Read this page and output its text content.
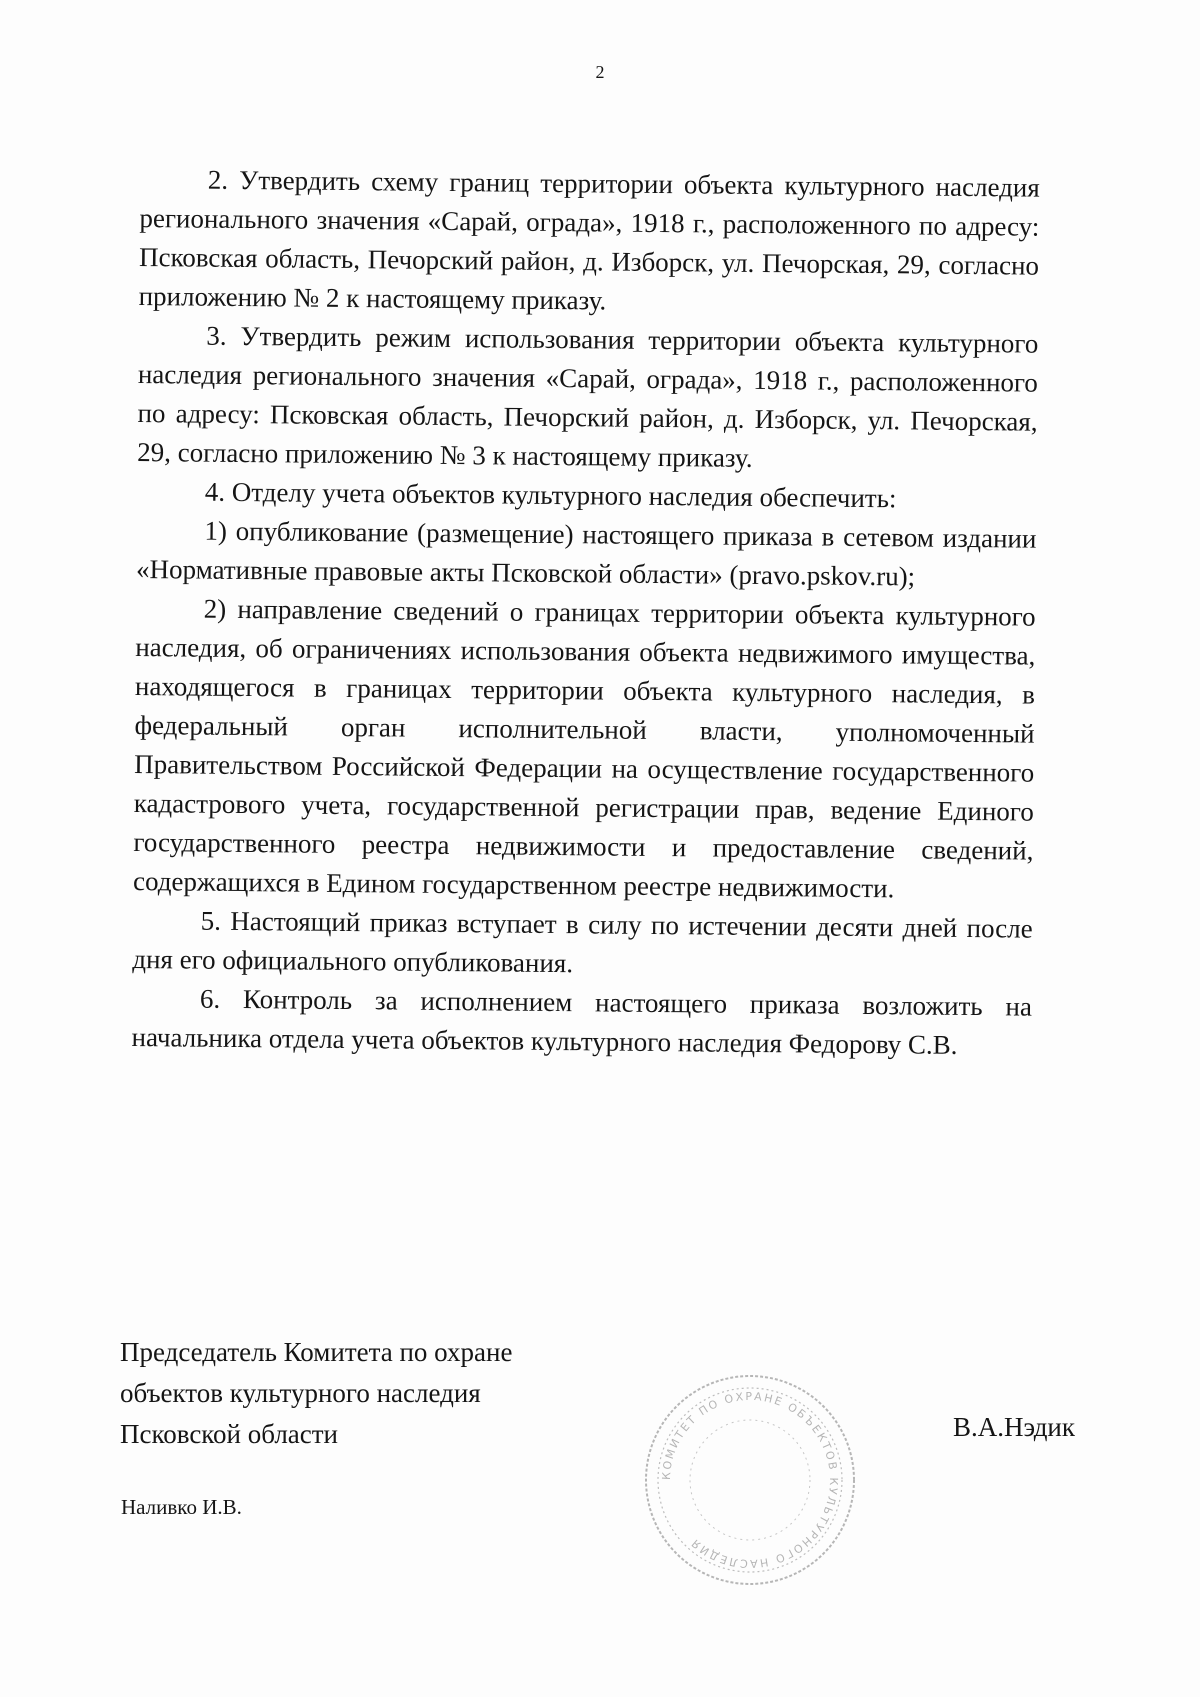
2

2. Утвердить схему границ территории объекта культурного наследия регионального значения «Сарай, ограда», 1918 г., расположенного по адресу: Псковская область, Печорский район, д. Изборск, ул. Печорская, 29, согласно приложению № 2 к настоящему приказу.

3. Утвердить режим использования территории объекта культурного наследия регионального значения «Сарай, ограда», 1918 г., расположенного по адресу: Псковская область, Печорский район, д. Изборск, ул. Печорская, 29, согласно приложению № 3 к настоящему приказу.

4. Отделу учета объектов культурного наследия обеспечить:

1) опубликование (размещение) настоящего приказа в сетевом издании «Нормативные правовые акты Псковской области» (pravo.pskov.ru);

2) направление сведений о границах территории объекта культурного наследия, об ограничениях использования объекта недвижимого имущества, находящегося в границах территории объекта культурного наследия, в федеральный орган исполнительной власти, уполномоченный Правительством Российской Федерации на осуществление государственного кадастрового учета, государственной регистрации прав, ведение Единого государственного реестра недвижимости и предоставление сведений, содержащихся в Едином государственном реестре недвижимости.

5. Настоящий приказ вступает в силу по истечении десяти дней после дня его официального опубликования.

6. Контроль за исполнением настоящего приказа возложить на начальника отдела учета объектов культурного наследия Федорову С.В.

Председатель Комитета по охране
объектов культурного наследия
Псковской области
КОМИТЕТ ПО ОХРАНЕ ОБЪЕКТОВ КУЛЬТУРНОГО НАСЛЕДИЯ
В.А.Нэдик
Наливко И.В.
